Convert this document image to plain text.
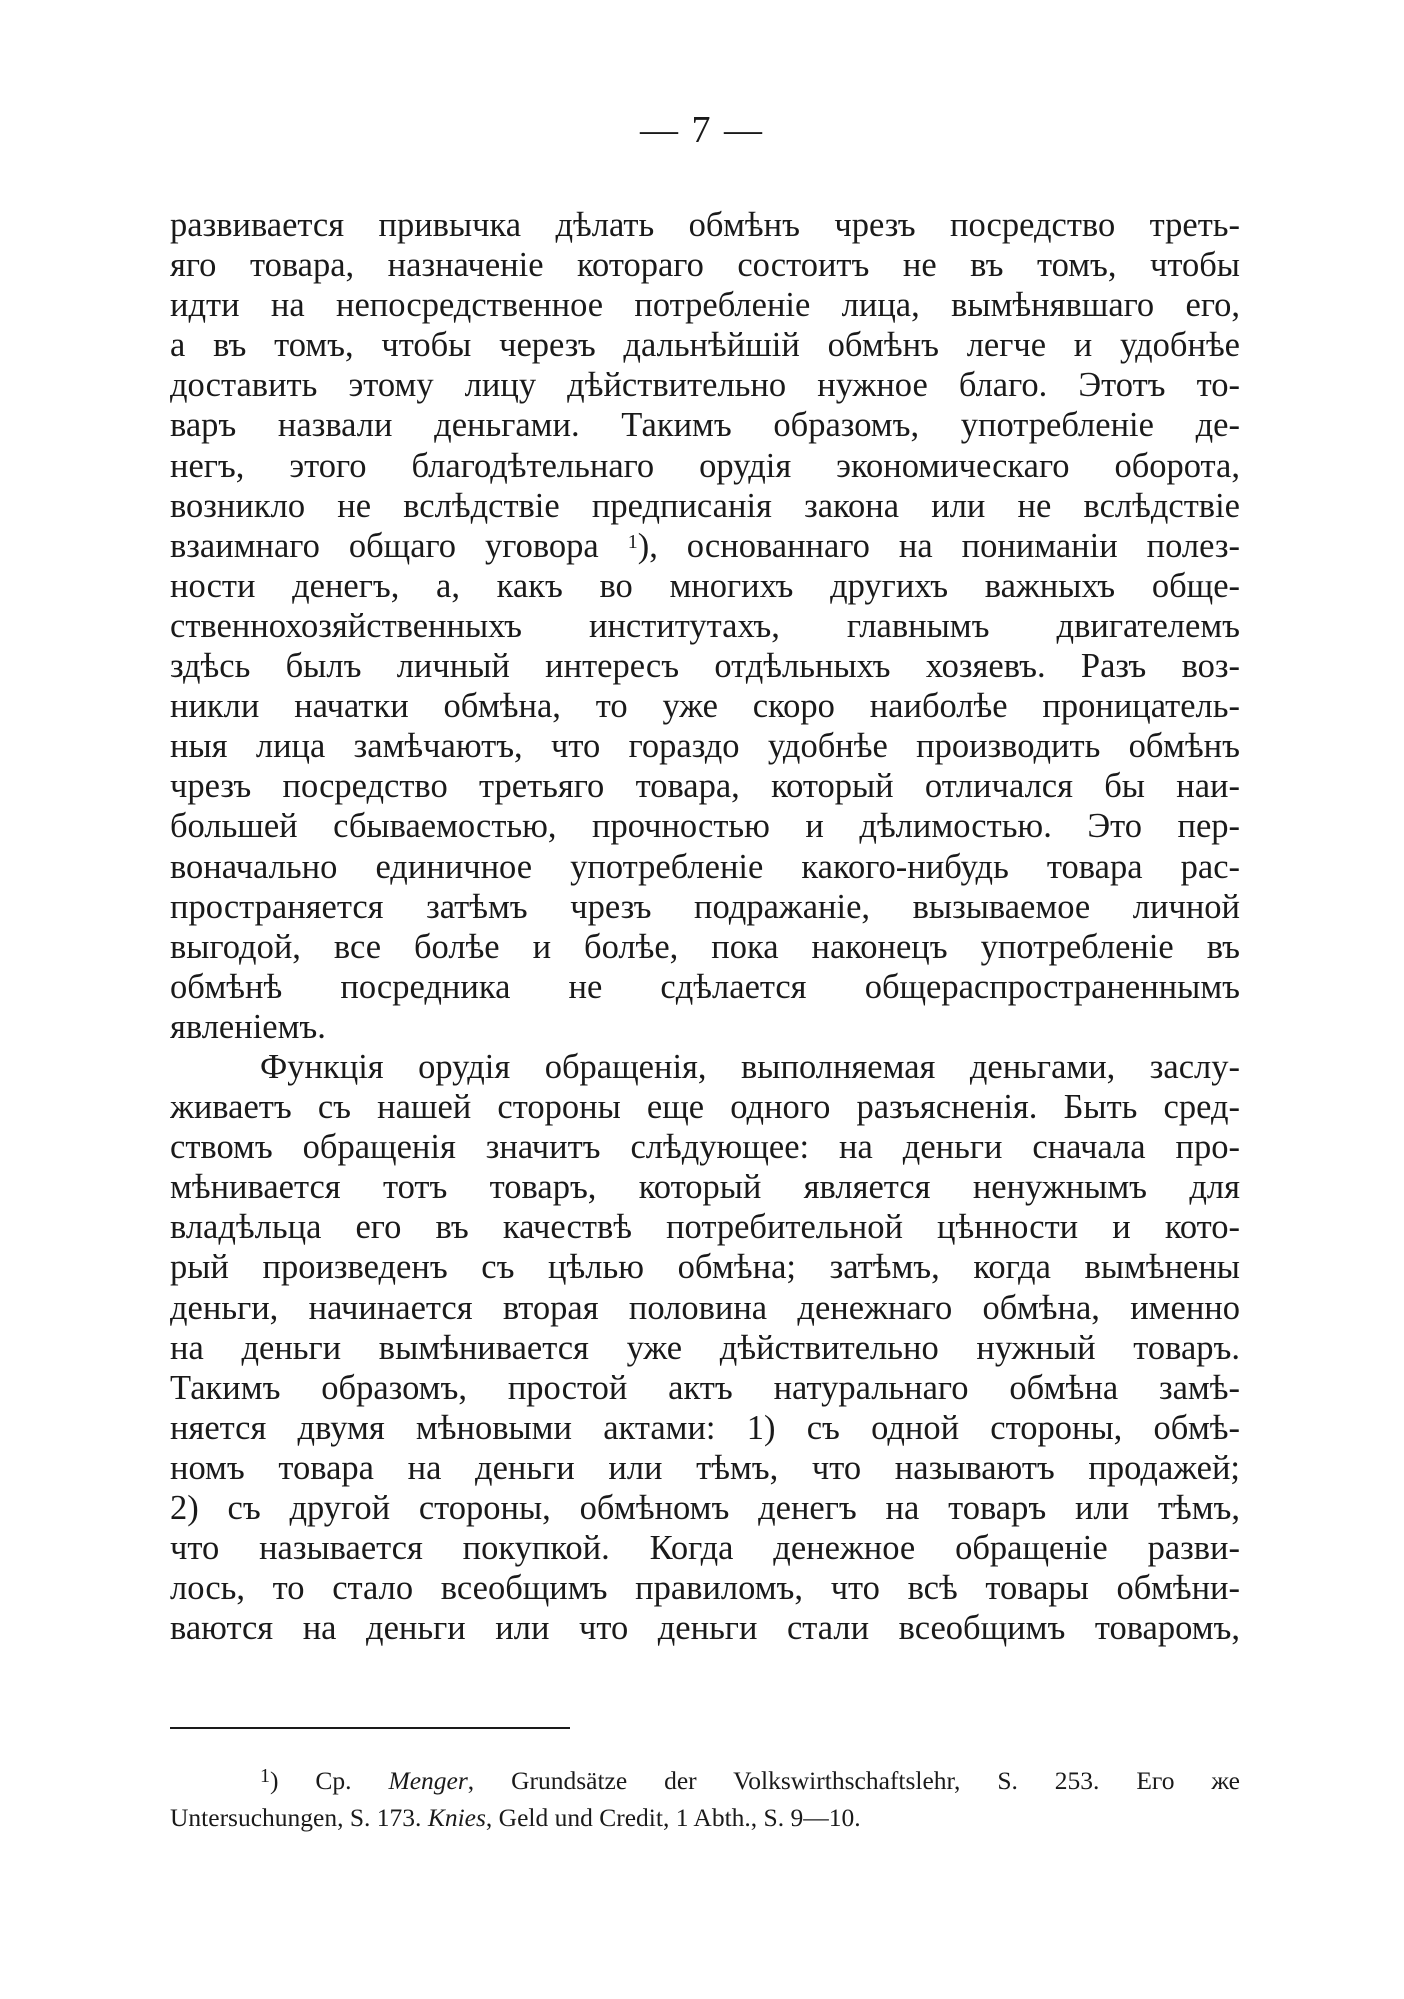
— 7 —
развивается привычка дѣлать обмѣнъ чрезъ посредство треть-
яго товара, назначеніе котораго состоитъ не въ томъ, чтобы
идти на непосредственное потребленіе лица, вымѣнявшаго его,
а въ томъ, чтобы черезъ дальнѣйшій обмѣнъ легче и удобнѣе
доставить этому лицу дѣйствительно нужное благо. Этотъ то-
варъ назвали деньгами. Такимъ образомъ, употребленіе де-
негъ, этого благодѣтельнаго орудія экономическаго оборота,
возникло не вслѣдствіе предписанія закона или не вслѣдствіе
взаимнаго общаго уговора $^1$), основаннаго на пониманіи полез-
ности денегъ, а, какъ во многихъ другихъ важныхъ обще-
ственнохозяйственныхъ институтахъ, главнымъ двигателемъ
здѣсь былъ личный интересъ отдѣльныхъ хозяевъ. Разъ воз-
никли начатки обмѣна, то уже скоро наиболѣе проницатель-
ныя лица замѣчаютъ, что гораздо удобнѣе производить обмѣнъ
чрезъ посредство третьяго товара, который отличался бы наи-
большей сбываемостью, прочностью и дѣлимостью. Это пер-
воначально единичное употребленіе какого-нибудь товара рас-
пространяется затѣмъ чрезъ подражаніе, вызываемое личной
выгодой, все болѣе и болѣе, пока наконецъ употребленіе въ
обмѣнѣ посредника не сдѣлается общераспространеннымъ
явленіемъ.
Функція орудія обращенія, выполняемая деньгами, заслу-
живаетъ съ нашей стороны еще одного разъясненія. Быть сред-
ствомъ обращенія значитъ слѣдующее: на деньги сначала про-
мѣнивается тотъ товаръ, который является ненужнымъ для
владѣльца его въ качествѣ потребительной цѣнности и кото-
рый произведенъ съ цѣлью обмѣна; затѣмъ, когда вымѣнены
деньги, начинается вторая половина денежнаго обмѣна, именно
на деньги вымѣнивается уже дѣйствительно нужный товаръ.
Такимъ образомъ, простой актъ натуральнаго обмѣна замѣ-
няется двумя мѣновыми актами: 1) съ одной стороны, обмѣ-
номъ товара на деньги или тѣмъ, что называютъ продажей;
2) съ другой стороны, обмѣномъ денегъ на товаръ или тѣмъ,
что называется покупкой. Когда денежное обращеніе разви-
лось, то стало всеобщимъ правиломъ, что всѣ товары обмѣни-
ваются на деньги или что деньги стали всеобщимъ товаромъ,
$^1$) Ср. Menger, Grundsätze der Volkswirthschaftslehr, S. 253. Его же
Untersuchungen, S. 173. Knies, Geld und Credit, 1 Abth., S. 9—10.
